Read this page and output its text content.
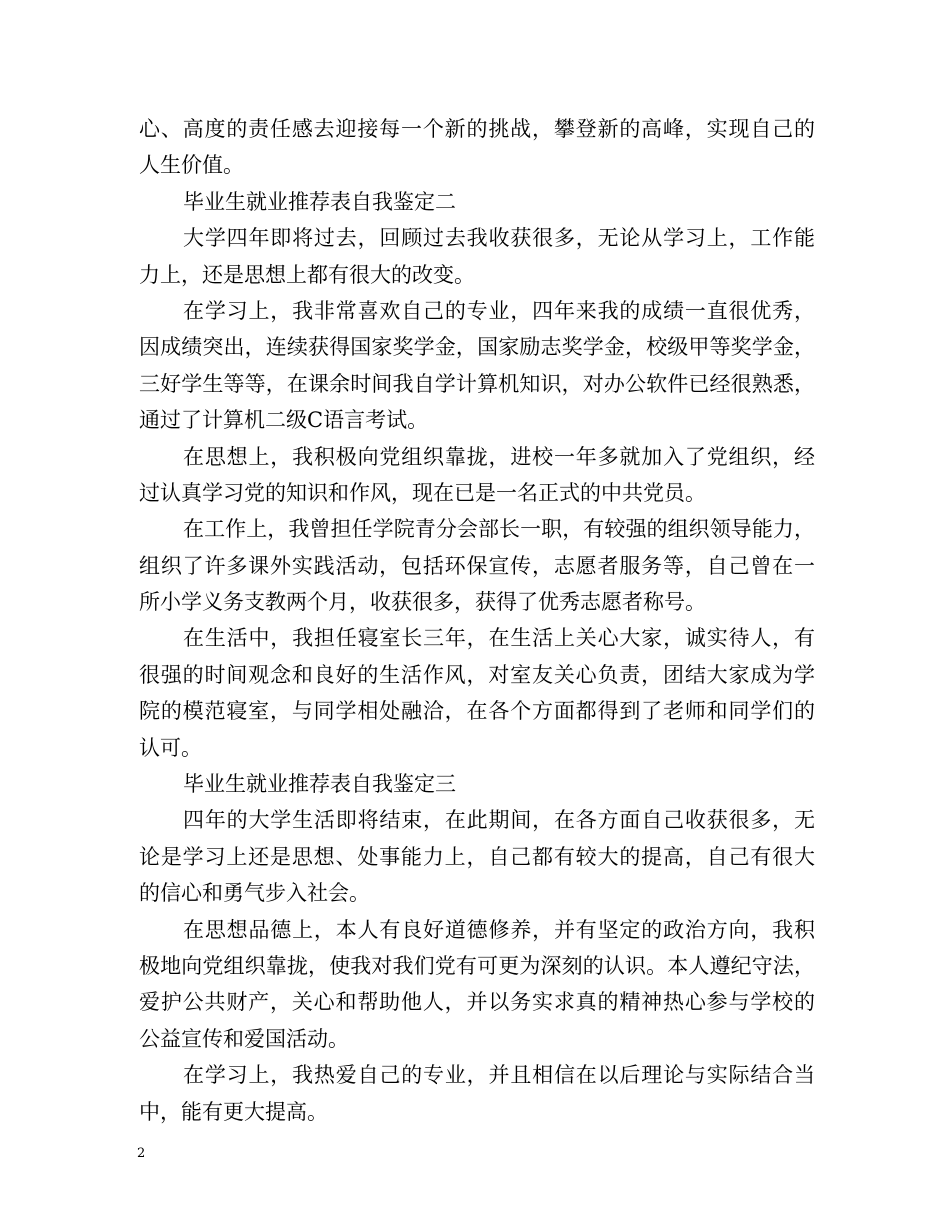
心、高度的责任感去迎接每一个新的挑战，攀登新的高峰，实现自己的
人生价值。
毕业生就业推荐表自我鉴定二
大学四年即将过去，回顾过去我收获很多，无论从学习上，工作能
力上，还是思想上都有很大的改变。
在学习上，我非常喜欢自己的专业，四年来我的成绩一直很优秀，
因成绩突出，连续获得国家奖学金，国家励志奖学金，校级甲等奖学金，
三好学生等等，在课余时间我自学计算机知识，对办公软件已经很熟悉，
通过了计算机二级C语言考试。
在思想上，我积极向党组织靠拢，进校一年多就加入了党组织，经
过认真学习党的知识和作风，现在已是一名正式的中共党员。
在工作上，我曾担任学院青分会部长一职，有较强的组织领导能力，
组织了许多课外实践活动，包括环保宣传，志愿者服务等，自己曾在一
所小学义务支教两个月，收获很多，获得了优秀志愿者称号。
在生活中，我担任寝室长三年，在生活上关心大家，诚实待人，有
很强的时间观念和良好的生活作风，对室友关心负责，团结大家成为学
院的模范寝室，与同学相处融洽，在各个方面都得到了老师和同学们的
认可。
毕业生就业推荐表自我鉴定三
四年的大学生活即将结束，在此期间，在各方面自己收获很多，无
论是学习上还是思想、处事能力上，自己都有较大的提高，自己有很大
的信心和勇气步入社会。
在思想品德上，本人有良好道德修养，并有坚定的政治方向，我积
极地向党组织靠拢，使我对我们党有可更为深刻的认识。本人遵纪守法，
爱护公共财产，关心和帮助他人，并以务实求真的精神热心参与学校的
公益宣传和爱国活动。
在学习上，我热爱自己的专业，并且相信在以后理论与实际结合当
中，能有更大提高。
2
